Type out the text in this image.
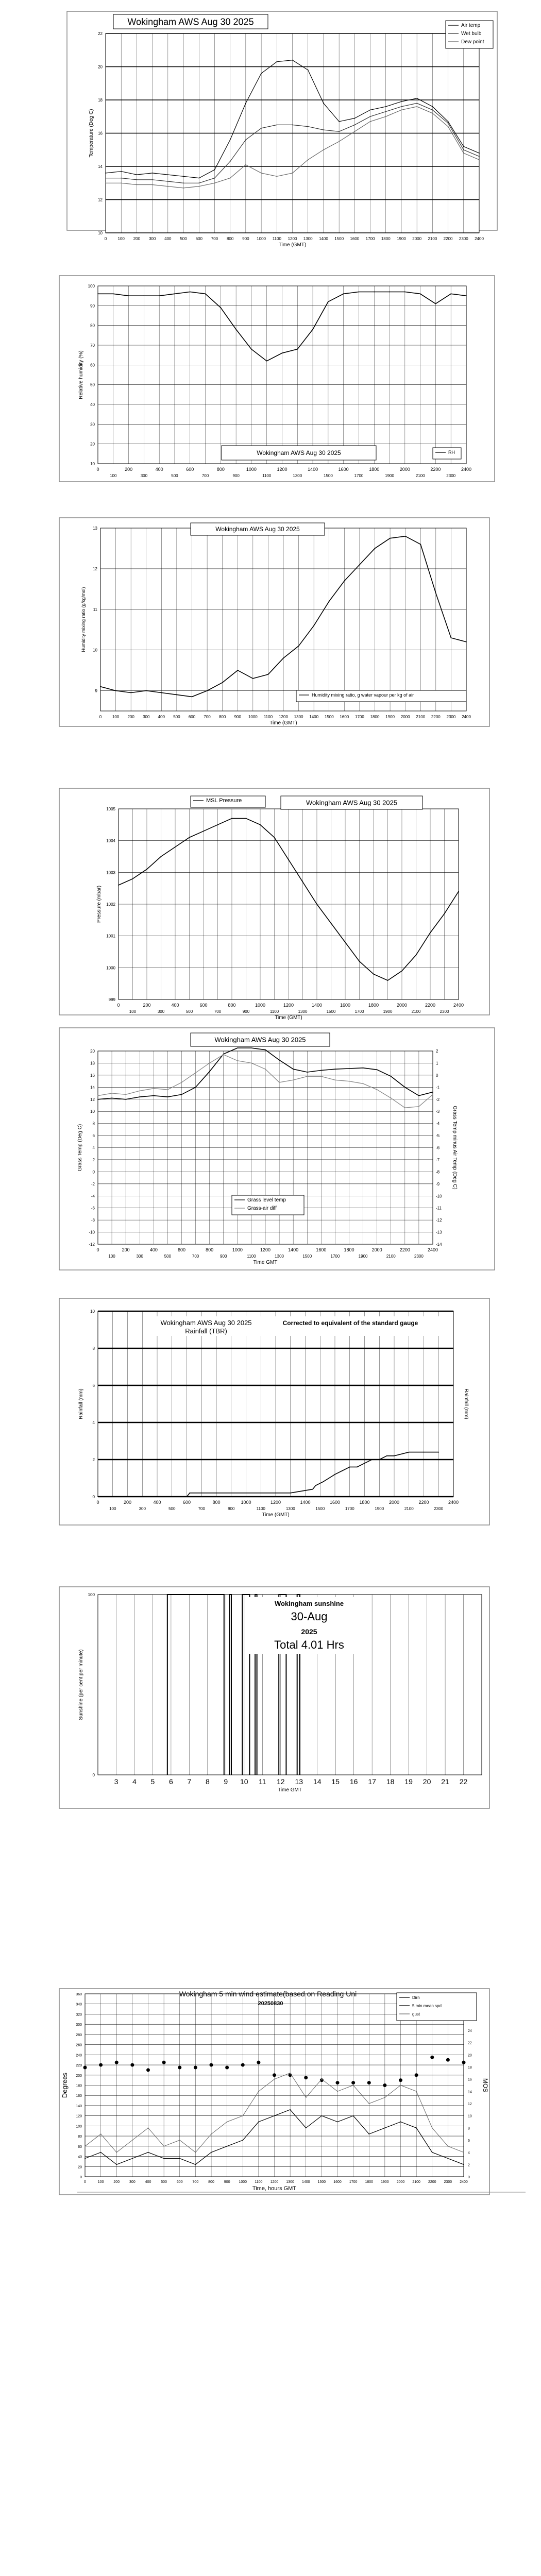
10
12
14
16
18
20
22
0	100 200 300 400 500 600 700 800 900 1000 1100 1200 1300 1400 1500 1600 1700 1800 1900 2000 2100 2200 2300 2400
Time (GMT)
Temperature (Deg C)
Wokingham AWS Aug 30 2025	Air temp
Wet bulb
Dew point
10
20
30
40
50
60
70
80
90
100
0	200	400	600	800	1000	1200	1400	1600	1800	2000	2200	2400
100	300	500	700	900	1100	1300	1500	1700	1900	2100	2300
Relative humidity (%)
Wokingham AWS Aug 30 2025	RH
9
10
11
12
13
0	100 200 300 400 500 600 700 800 900 1000 1100 1200 1300 1400 1500 1600 1700 1800 1900 2000 2100 2200 2300 2400
Time (GMT)
Humidity mixing ratio (g/kg/mol)
Wokingham AWS Aug 30 2025
Humidity mixing ratio, g water vapour per kg of air
999
1000
1001
1002
1003
1004
1005
0	200	400	600	800	1000	1200	1400	1600	1800	2000	2200	2400
100	300	500	700	900	1100	1300	1500	1700	1900	2100	2300
Time (GMT)
Pressure (mbar)
MSL Pressure	Wokingham AWS Aug 30 2025
-12
-10
-8
-6
-4
-2
0
2
4
6
8
10
12
14
16
18
20
-14
-13
-12
-11
-10
-9
-8
-7
-6
-5
-4
-3
-2
-1
0
1
2
0	200	400	600	800	1000	1200	1400	1600	1800	2000	2200	2400
100	300	500	700	900	1100	1300	1500	1700	1900	2100	2300
Time GMT
Grass Temp (Deg C)	Grass Temp minus Air Temp (Deg C)
Wokingham AWS Aug 30 2025
Grass level temp
Grass-air diff
0
2
4
6
8
10
0	200	400	600	800	1000	1200	1400	1600	1800	2000	2200	2400
100	300	500	700	900	1100	1300	1500	1700	1900	2100	2300
Time (GMT)
Rainfall (mm)	Rainfall (mm)
Wokingham AWS Aug 30 2025
Rainfall (TBR)
Corrected to equivalent of the standard gauge
3 4 5 6 7 8 9 10 11 12 13 14 15 16 17 18 19 20 21 22
Time GMT
0
100
Sunshine (per cent per minute)
Wokingham sunshine
30-Aug
2025
Total 4.01 Hrs
0
20
40
60
80
100
120
140
160
180
200
220
240
260
280
300
320
340
360
0
2
4
6
8
10
12
14
16
18
20
22
24
0	100	200	300	400	500	600	700	800	900 1000 1100 1200 1300 1400 1500 1600 1700 1800 1900 2000 2100 2200 2300 2400
Time, hours GMT
Degrees	MOS
Wokingham 5 min wind estimate(based on Reading Uni
20250830
Dirn
5 min mean spd
gust
